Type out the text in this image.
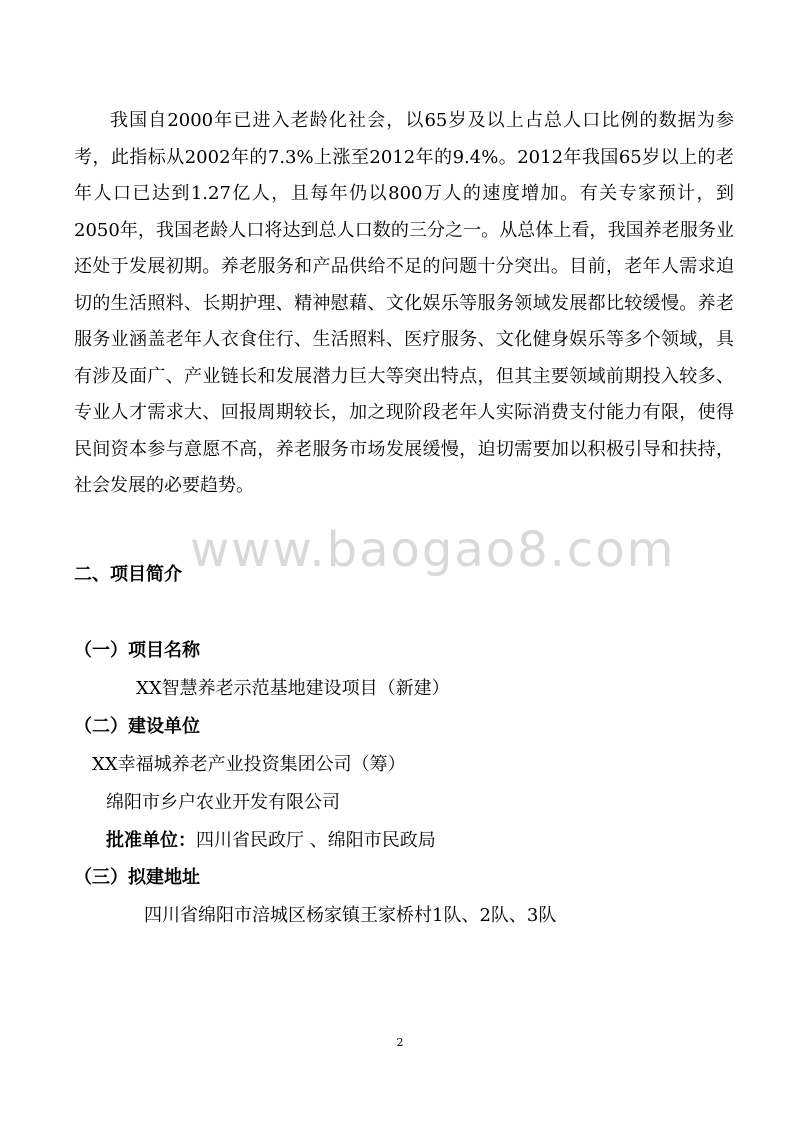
我国自2000年已进入老龄化社会，以65岁及以上占总人口比例的数据为参考，此指标从2002年的7.3%上涨至2012年的9.4%。2012年我国65岁以上的老年人口已达到1.27亿人，且每年仍以800万人的速度增加。有关专家预计，到2050年，我国老龄人口将达到总人口数的三分之一。从总体上看，我国养老服务业还处于发展初期。养老服务和产品供给不足的问题十分突出。目前，老年人需求迫切的生活照料、长期护理、精神慰藉、文化娱乐等服务领域发展都比较缓慢。养老服务业涵盖老年人衣食住行、生活照料、医疗服务、文化健身娱乐等多个领域，具有涉及面广、产业链长和发展潜力巨大等突出特点，但其主要领域前期投入较多、专业人才需求大、回报周期较长，加之现阶段老年人实际消费支付能力有限，使得民间资本参与意愿不高，养老服务市场发展缓慢，迫切需要加以积极引导和扶持，社会发展的必要趋势。

www.baogao8.com
二、项目简介
（一）项目名称
XX智慧养老示范基地建设项目（新建）
（二）建设单位
XX幸福城养老产业投资集团公司（筹）
绵阳市乡户农业开发有限公司
批准单位：四川省民政厅 、绵阳市民政局
（三）拟建地址
四川省绵阳市涪城区杨家镇王家桥村1队、2队、3队
2
